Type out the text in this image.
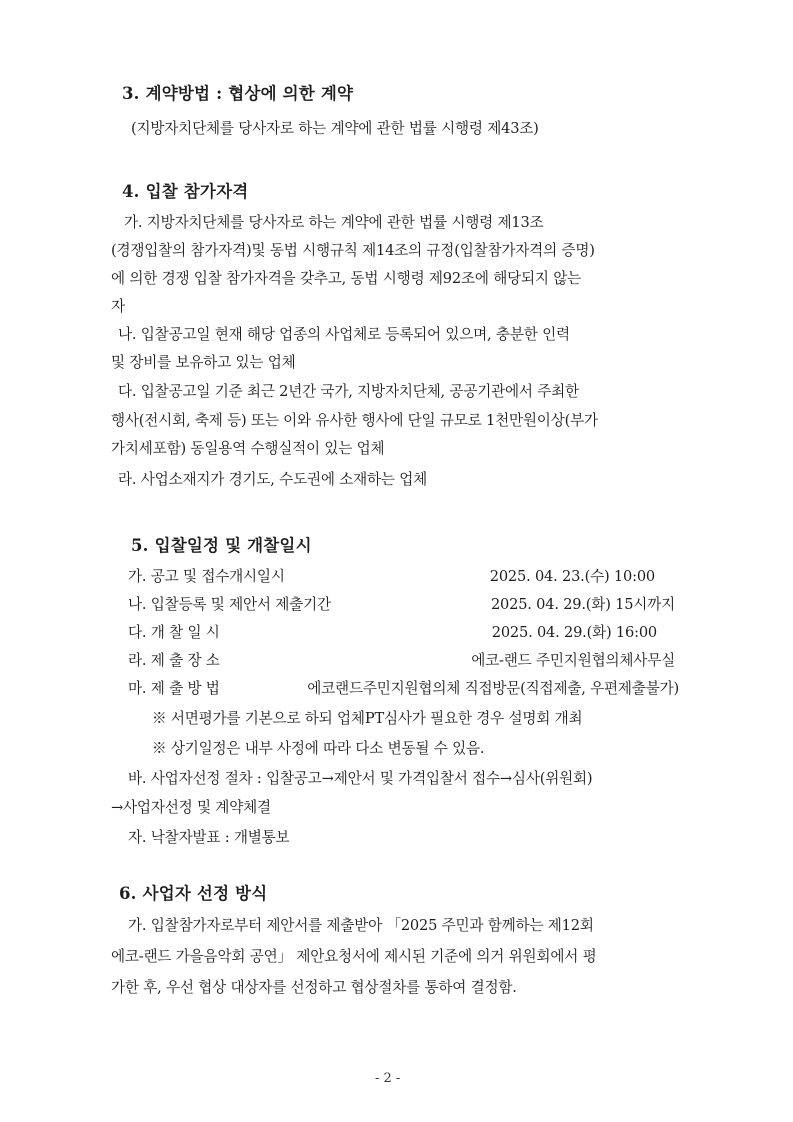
3. 계약방법 : 협상에 의한 계약
(지방자치단체를 당사자로 하는 계약에 관한 법률 시행령 제43조)
4. 입찰 참가자격
가. 지방자치단체를 당사자로 하는 계약에 관한 법률 시행령 제13조
(경쟁입찰의 참가자격)및 동법 시행규칙 제14조의 규정(입찰참가자격의 증명)
에 의한 경쟁 입찰 참가자격을 갖추고, 동법 시행령 제92조에 해당되지 않는
자
나. 입찰공고일 현재 해당 업종의 사업체로 등록되어 있으며, 충분한 인력
및 장비를 보유하고 있는 업체
다. 입찰공고일 기준 최근 2년간 국가, 지방자치단체, 공공기관에서 주최한
행사(전시회, 축제 등) 또는 이와 유사한 행사에 단일 규모로 1천만원이상(부가
가치세포함) 동일용역 수행실적이 있는 업체
라. 사업소재지가 경기도, 수도권에 소재하는 업체
5. 입찰일정 및 개찰일시
가. 공고 및 접수개시일시	2025. 04. 23.(수) 10:00
나. 입찰등록 및 제안서 제출기간	2025. 04. 29.(화) 15시까지
다. 개 찰 일 시	2025. 04. 29.(화) 16:00
라. 제 출 장 소	에코-랜드 주민지원협의체사무실
마. 제 출 방 법	에코랜드주민지원협의체 직접방문(직접제출, 우편제출불가)
※ 서면평가를 기본으로 하되 업체PT심사가 필요한 경우 설명회 개최
※ 상기일정은 내부 사정에 따라 다소 변동될 수 있음.
바. 사업자선정 절차 : 입찰공고→제안서 및 가격입찰서 접수→심사(위원회)
→사업자선정 및 계약체결
자. 낙찰자발표 : 개별통보
6. 사업자 선정 방식
가. 입찰참가자로부터 제안서를 제출받아 「2025 주민과 함께하는 제12회
에코-랜드 가을음악회 공연」 제안요청서에 제시된 기준에 의거 위원회에서 평
가한 후, 우선 협상 대상자를 선정하고 협상절차를 통하여 결정함.
- 2 -
